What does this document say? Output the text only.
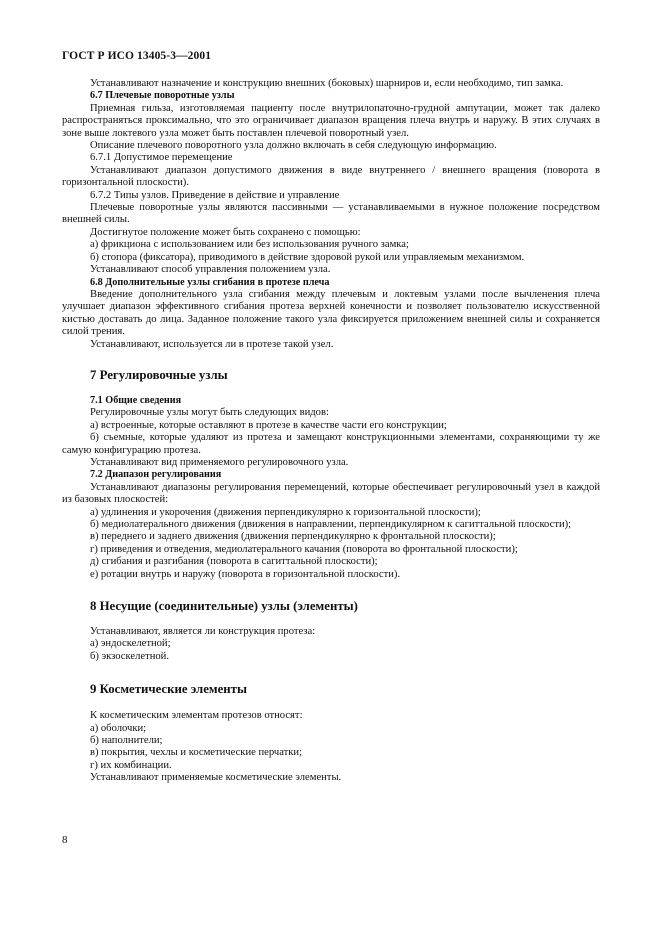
ГОСТ Р ИСО 13405-3—2001

Устанавливают назначение и конструкцию внешних (боковых) шарниров и, если необходимо, тип замка.

6.7 Плечевые поворотные узлы

Приемная гильза, изготовляемая пациенту после внутрилопаточно-грудной ампутации, может так далеко распространяться проксимально, что это ограничивает диапазон вращения плеча внутрь и наружу. В этих случаях в зоне выше локтевого узла может быть поставлен плечевой поворотный узел.

Описание плечевого поворотного узла должно включать в себя следующую информацию.

6.7.1 Допустимое перемещение

Устанавливают диапазон допустимого движения в виде внутреннего / внешнего вращения (поворота в горизонтальной плоскости).

6.7.2 Типы узлов. Приведение в действие и управление

Плечевые поворотные узлы являются пассивными — устанавливаемыми в нужное положение посредством внешней силы.

Достигнутое положение может быть сохранено с помощью:

а) фрикциона с использованием или без использования ручного замка;

б) стопора (фиксатора), приводимого в действие здоровой рукой или управляемым механизмом.

Устанавливают способ управления положением узла.

6.8 Дополнительные узлы сгибания в протезе плеча

Введение дополнительного узла сгибания между плечевым и локтевым узлами после вычленения плеча улучшает диапазон эффективного сгибания протеза верхней конечности и позволяет пользователю искусственной кистью доставать до лица. Заданное положение такого узла фиксируется приложением внешней силы и сохраняется силой трения.

Устанавливают, используется ли в протезе такой узел.

7 Регулировочные узлы

7.1 Общие сведения

Регулировочные узлы могут быть следующих видов:

а) встроенные, которые оставляют в протезе в качестве части его конструкции;

б) съемные, которые удаляют из протеза и замещают конструкционными элементами, сохраняющими ту же самую конфигурацию протеза.

Устанавливают вид применяемого регулировочного узла.

7.2 Диапазон регулирования

Устанавливают диапазоны регулирования перемещений, которые обеспечивает регулировочный узел в каждой из базовых плоскостей:

а) удлинения и укорочения (движения перпендикулярно к горизонтальной плоскости);

б) медиолатерального движения (движения в направлении, перпендикулярном к сагиттальной плоскости);

в) переднего и заднего движения (движения перпендикулярно к фронтальной плоскости);

г) приведения и отведения, медиолатерального качания (поворота во фронтальной плоскости);

д) сгибания и разгибания (поворота в сагиттальной плоскости);

е) ротации внутрь и наружу (поворота в горизонтальной плоскости).

8 Несущие (соединительные) узлы (элементы)

Устанавливают, является ли конструкция протеза:

а) эндоскелетной;

б) экзоскелетной.

9 Косметические элементы

К косметическим элементам протезов относят:

а) оболочки;

б) наполнители;

в) покрытия, чехлы и косметические перчатки;

г) их комбинации.

Устанавливают применяемые косметические элементы.

8
